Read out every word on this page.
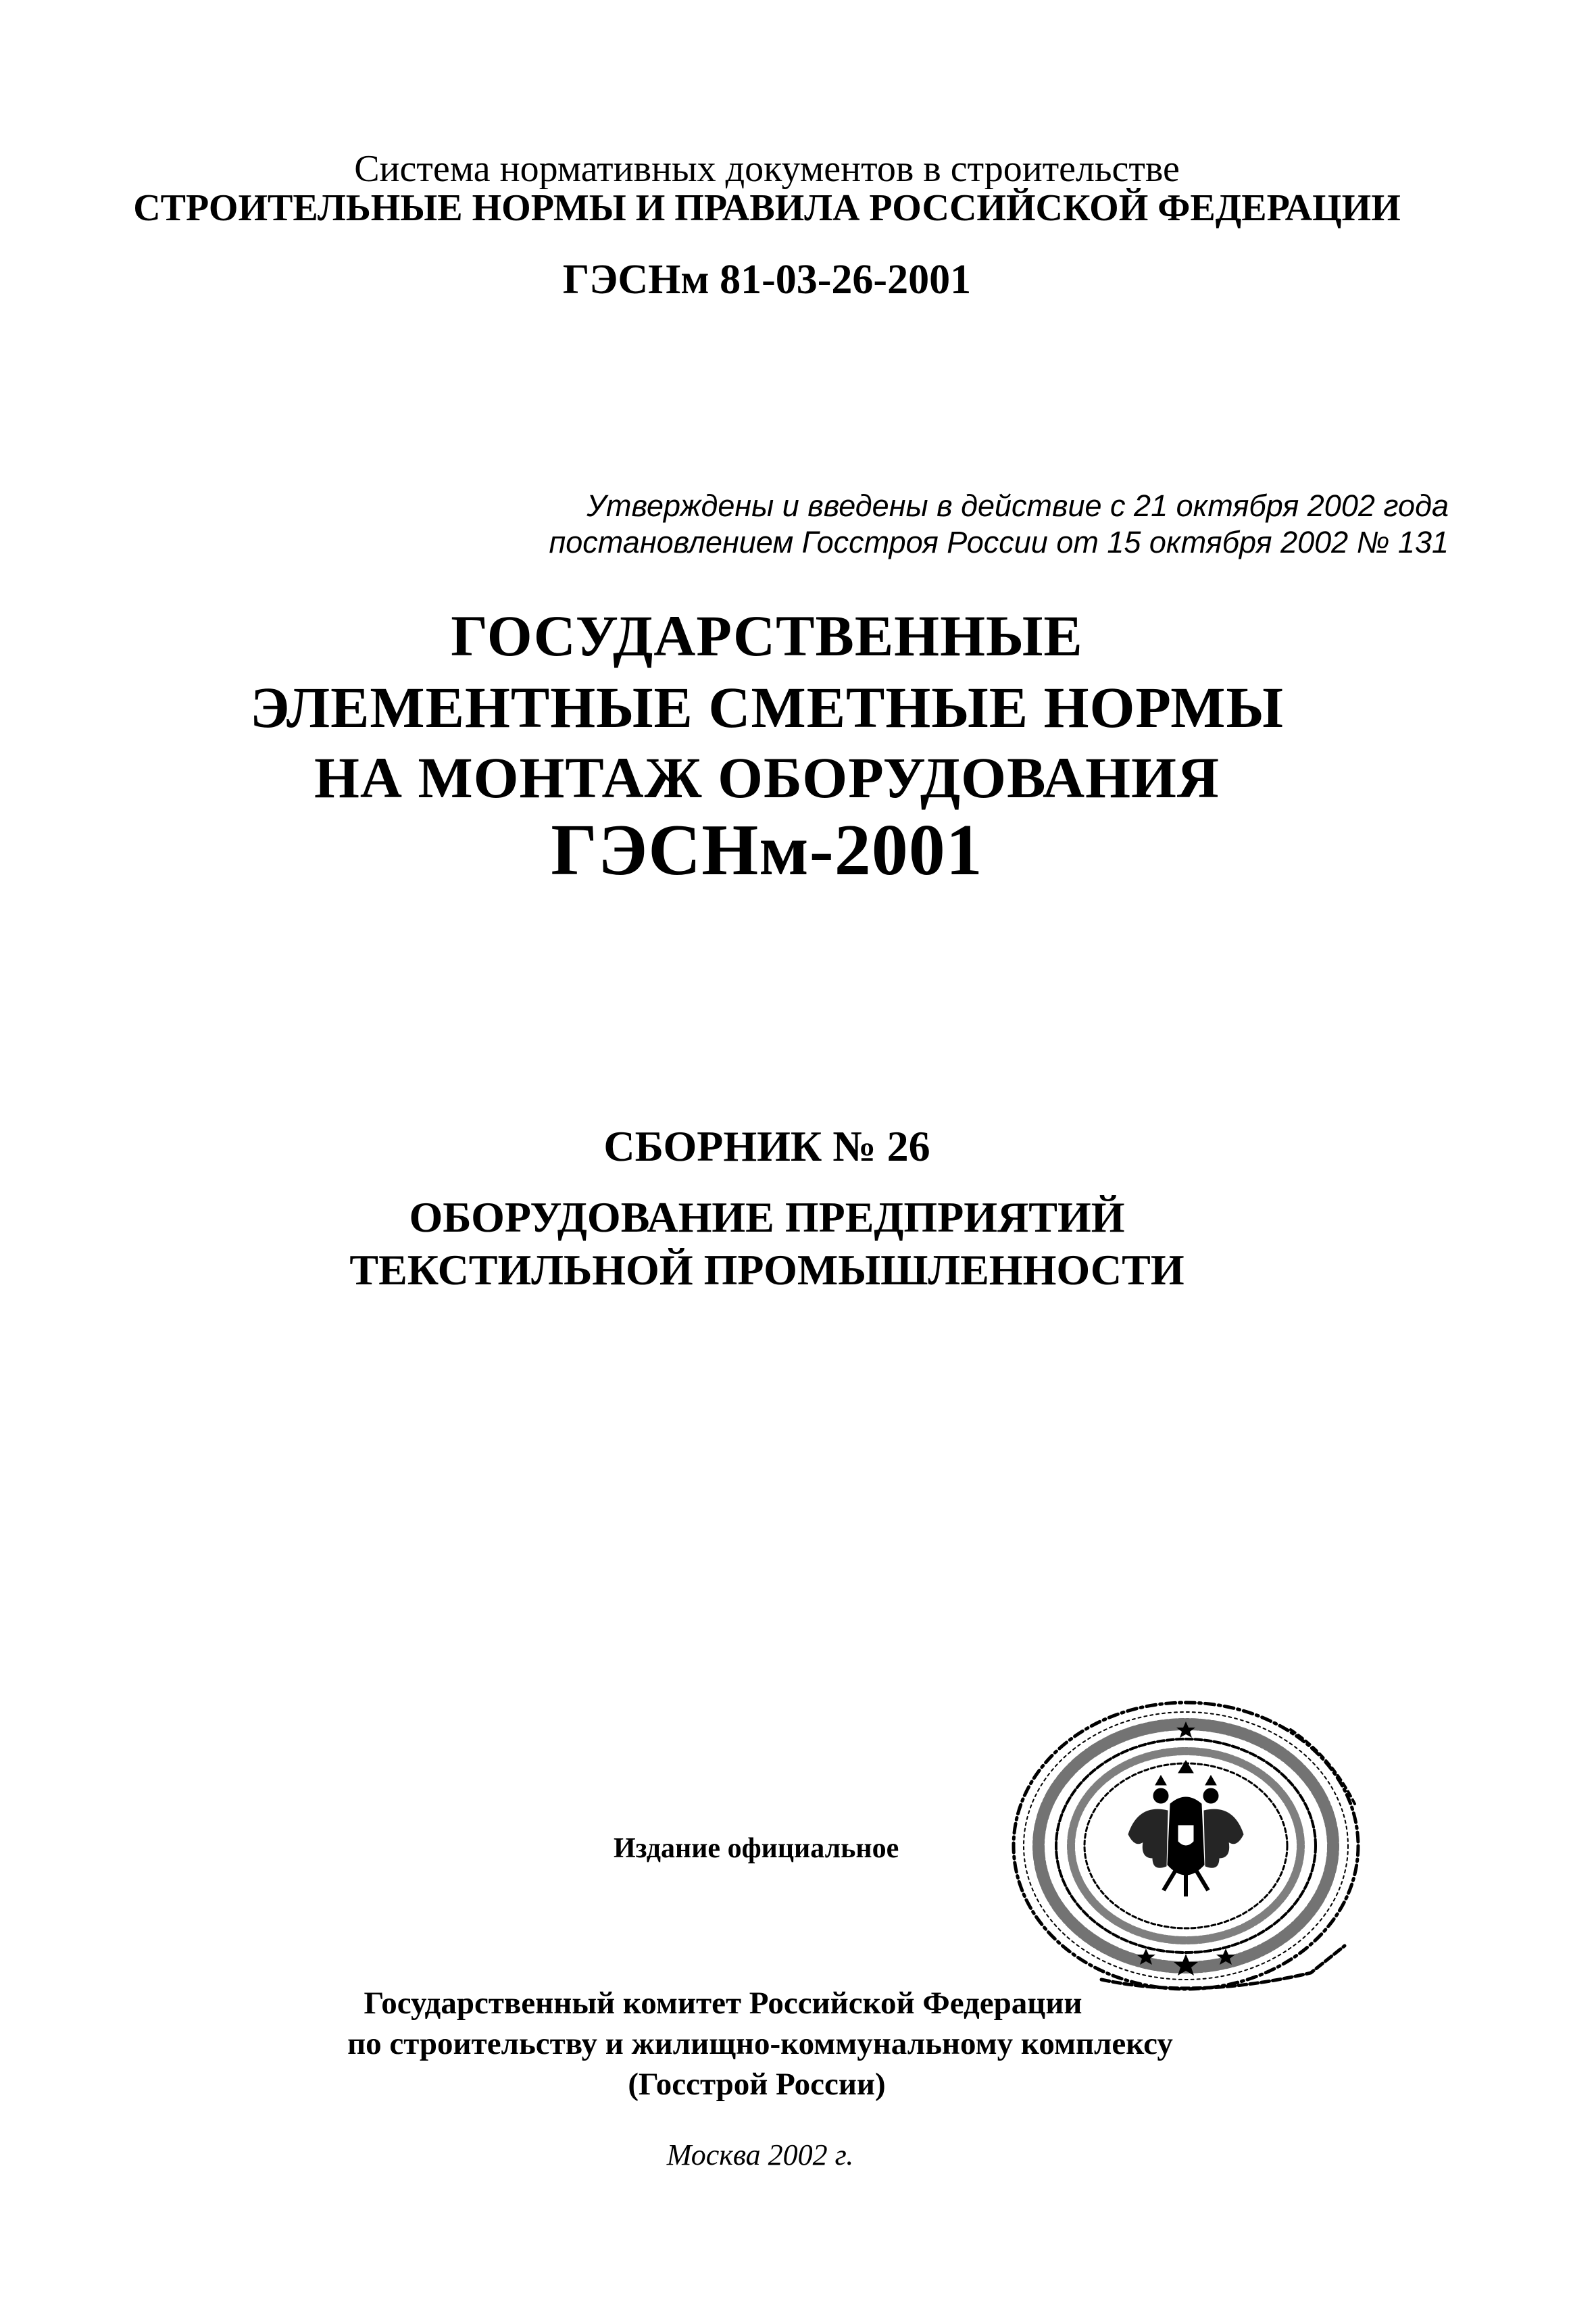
Система нормативных документов в строительстве
СТРОИТЕЛЬНЫЕ НОРМЫ И ПРАВИЛА РОССИЙСКОЙ ФЕДЕРАЦИИ
ГЭСНм 81-03-26-2001
Утверждены и введены в действие с 21 октября 2002 года
постановлением Госстроя России от 15 октября 2002 № 131
ГОСУДАРСТВЕННЫЕ
ЭЛЕМЕНТНЫЕ СМЕТНЫЕ НОРМЫ
НА МОНТАЖ ОБОРУДОВАНИЯ
ГЭСНм-2001
СБОРНИК № 26
ОБОРУДОВАНИЕ ПРЕДПРИЯТИЙ
ТЕКСТИЛЬНОЙ ПРОМЫШЛЕННОСТИ
Издание официальное
Государственный комитет Российской Федерации
по строительству и жилищно-коммунальному комплексу
(Госстрой России)
Москва 2002 г.
